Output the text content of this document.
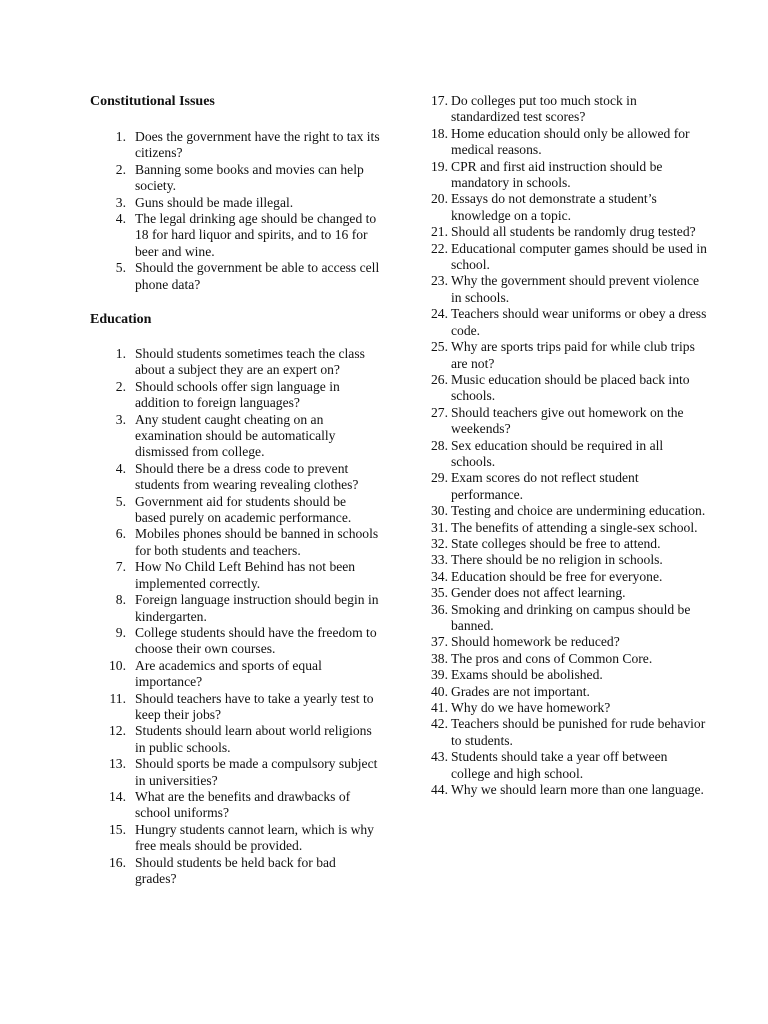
Constitutional Issues
1. Does the government have the right to tax its citizens?
2. Banning some books and movies can help society.
3. Guns should be made illegal.
4. The legal drinking age should be changed to 18 for hard liquor and spirits, and to 16 for beer and wine.
5. Should the government be able to access cell phone data?
Education
1. Should students sometimes teach the class about a subject they are an expert on?
2. Should schools offer sign language in addition to foreign languages?
3. Any student caught cheating on an examination should be automatically dismissed from college.
4. Should there be a dress code to prevent students from wearing revealing clothes?
5. Government aid for students should be based purely on academic performance.
6. Mobiles phones should be banned in schools for both students and teachers.
7. How No Child Left Behind has not been implemented correctly.
8. Foreign language instruction should begin in kindergarten.
9. College students should have the freedom to choose their own courses.
10. Are academics and sports of equal importance?
11. Should teachers have to take a yearly test to keep their jobs?
12. Students should learn about world religions in public schools.
13. Should sports be made a compulsory subject in universities?
14. What are the benefits and drawbacks of school uniforms?
15. Hungry students cannot learn, which is why free meals should be provided.
16. Should students be held back for bad grades?
17. Do colleges put too much stock in standardized test scores?
18. Home education should only be allowed for medical reasons.
19. CPR and first aid instruction should be mandatory in schools.
20. Essays do not demonstrate a student’s knowledge on a topic.
21. Should all students be randomly drug tested?
22. Educational computer games should be used in school.
23. Why the government should prevent violence in schools.
24. Teachers should wear uniforms or obey a dress code.
25. Why are sports trips paid for while club trips are not?
26. Music education should be placed back into schools.
27. Should teachers give out homework on the weekends?
28. Sex education should be required in all schools.
29. Exam scores do not reflect student performance.
30. Testing and choice are undermining education.
31. The benefits of attending a single-sex school.
32. State colleges should be free to attend.
33. There should be no religion in schools.
34. Education should be free for everyone.
35. Gender does not affect learning.
36. Smoking and drinking on campus should be banned.
37. Should homework be reduced?
38. The pros and cons of Common Core.
39. Exams should be abolished.
40. Grades are not important.
41. Why do we have homework?
42. Teachers should be punished for rude behavior to students.
43. Students should take a year off between college and high school.
44. Why we should learn more than one language.
